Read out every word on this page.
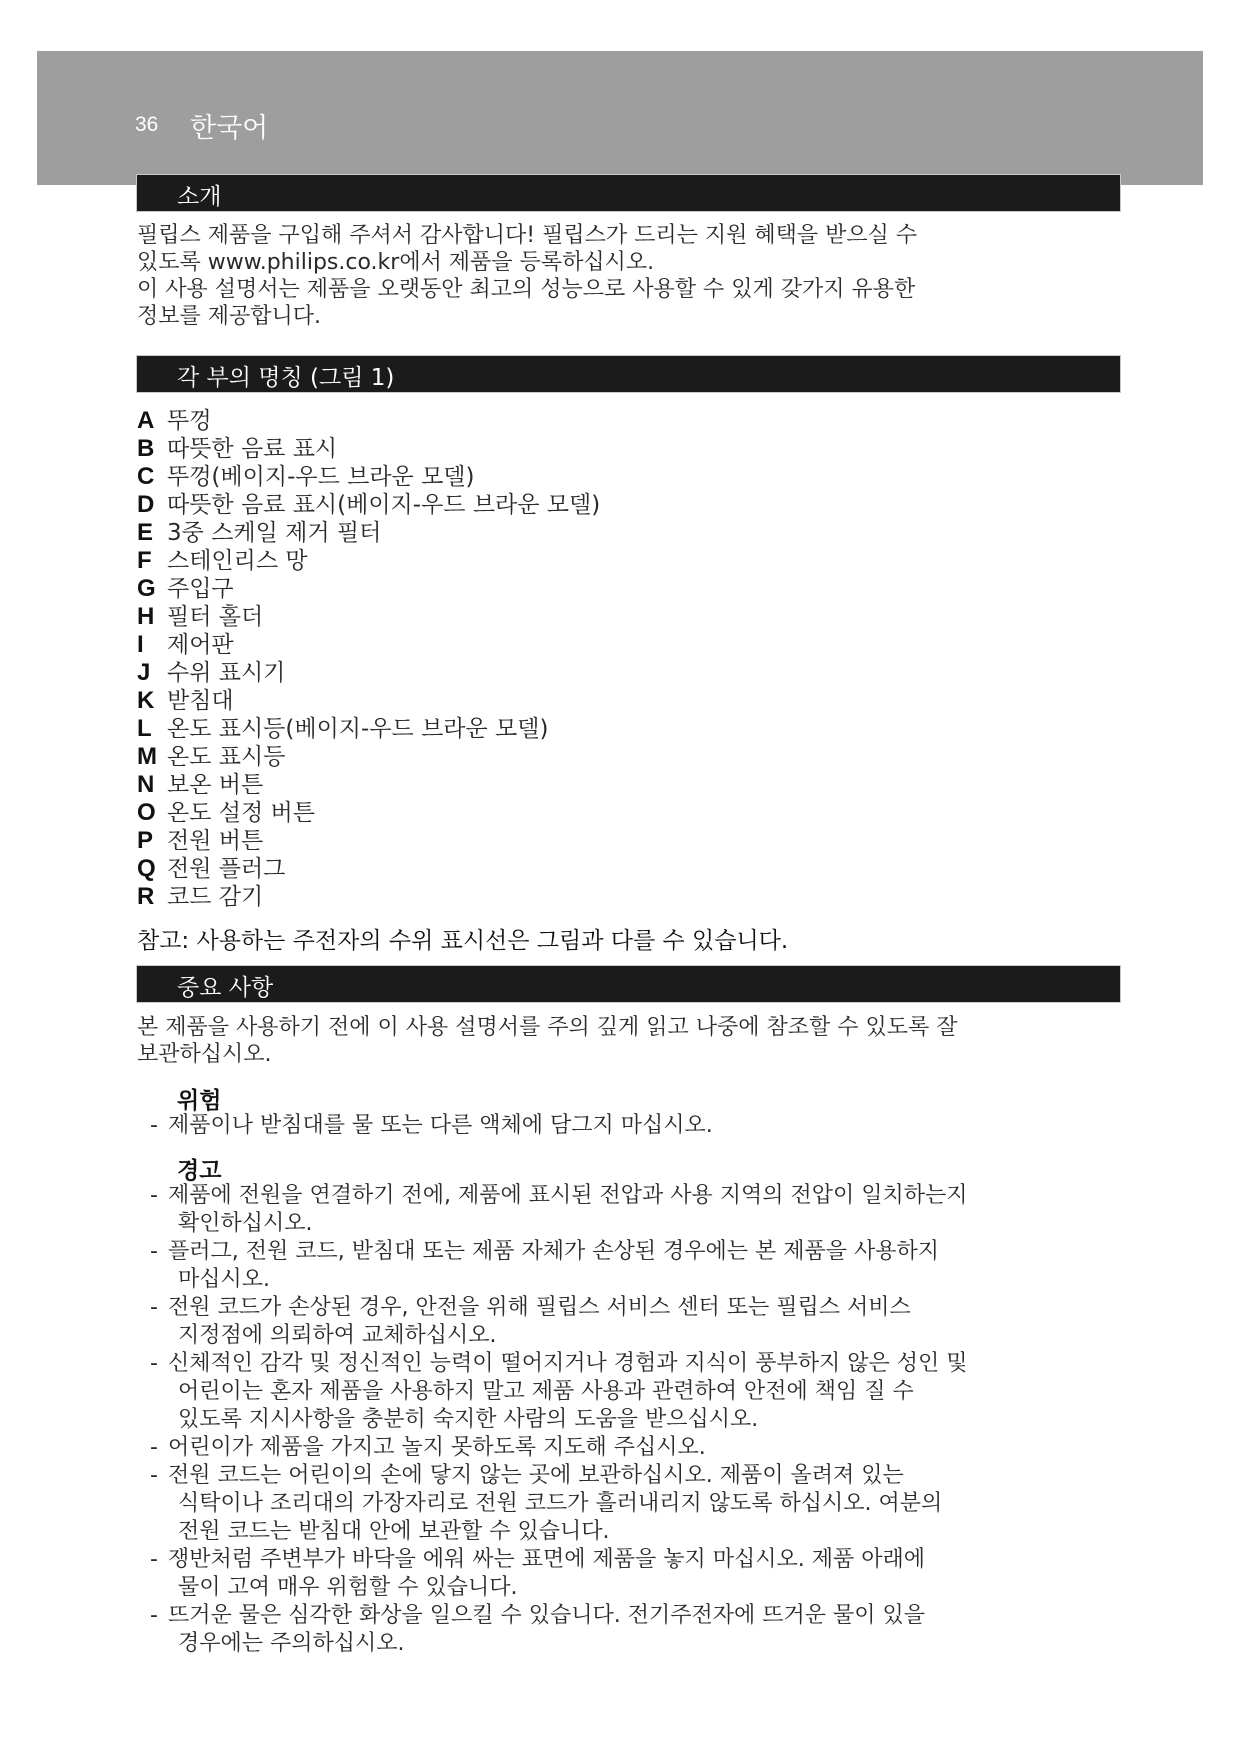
36 한국어
소개
필립스 제품을 구입해 주셔서 감사합니다! 필립스가 드리는 지원 혜택을 받으실 수
있도록 www.philips.co.kr에서 제품을 등록하십시오.
이 사용 설명서는 제품을 오랫동안 최고의 성능으로 사용할 수 있게 갖가지 유용한
정보를 제공합니다.
각 부의 명칭 (그림 1)
A 뚜껑
B 따뜻한 음료 표시
C 뚜껑(베이지-우드 브라운 모델)
D 따뜻한 음료 표시(베이지-우드 브라운 모델)
E 3중 스케일 제거 필터
F 스테인리스 망
G 주입구
H 필터 홀더
I 제어판
J 수위 표시기
K 받침대
L 온도 표시등(베이지-우드 브라운 모델)
M 온도 표시등
N 보온 버튼
O 온도 설정 버튼
P 전원 버튼
Q 전원 플러그
R 코드 감기
참고: 사용하는 주전자의 수위 표시선은 그림과 다를 수 있습니다.
중요 사항
본 제품을 사용하기 전에 이 사용 설명서를 주의 깊게 읽고 나중에 참조할 수 있도록 잘
보관하십시오.
위험
- 제품이나 받침대를 물 또는 다른 액체에 담그지 마십시오.
경고
- 제품에 전원을 연결하기 전에, 제품에 표시된 전압과 사용 지역의 전압이 일치하는지
확인하십시오.
- 플러그, 전원 코드, 받침대 또는 제품 자체가 손상된 경우에는 본 제품을 사용하지
마십시오.
- 전원 코드가 손상된 경우, 안전을 위해 필립스 서비스 센터 또는 필립스 서비스
지정점에 의뢰하여 교체하십시오.
- 신체적인 감각 및 정신적인 능력이 떨어지거나 경험과 지식이 풍부하지 않은 성인 및
어린이는 혼자 제품을 사용하지 말고 제품 사용과 관련하여 안전에 책임 질 수
있도록 지시사항을 충분히 숙지한 사람의 도움을 받으십시오.
- 어린이가 제품을 가지고 놀지 못하도록 지도해 주십시오.
- 전원 코드는 어린이의 손에 닿지 않는 곳에 보관하십시오. 제품이 올려져 있는
식탁이나 조리대의 가장자리로 전원 코드가 흘러내리지 않도록 하십시오. 여분의
전원 코드는 받침대 안에 보관할 수 있습니다.
- 쟁반처럼 주변부가 바닥을 에워 싸는 표면에 제품을 놓지 마십시오. 제품 아래에
물이 고여 매우 위험할 수 있습니다.
- 뜨거운 물은 심각한 화상을 일으킬 수 있습니다. 전기주전자에 뜨거운 물이 있을
경우에는 주의하십시오.
